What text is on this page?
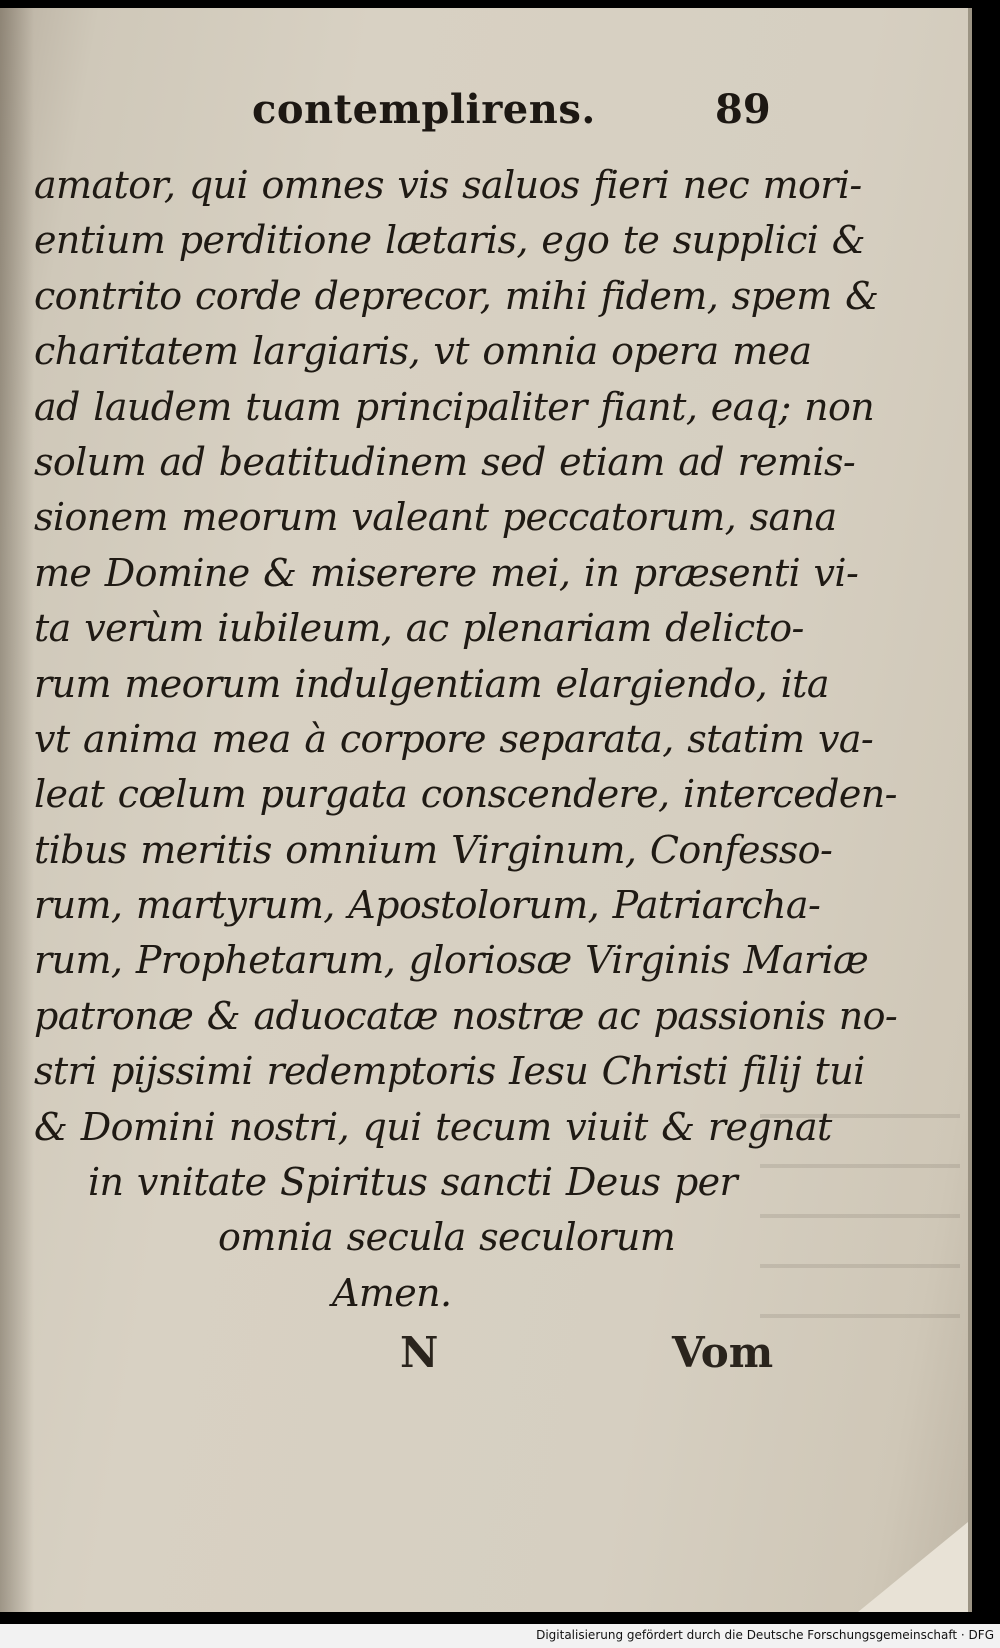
contemplirens.	89
amator, qui omnes vis saluos fieri nec mori-
entium perditione lætaris, ego te supplici &
contrito corde deprecor, mihi fidem, spem &
charitatem largiaris, vt omnia opera mea
ad laudem tuam principaliter fiant, eaq; non
solum ad beatitudinem sed etiam ad remis-
sionem meorum valeant peccatorum, sana
me Domine & miserere mei, in præsenti vi-
ta verùm iubileum, ac plenariam delicto-
rum meorum indulgentiam elargiendo, ita
vt anima mea à corpore separata, statim va-
leat cœlum purgata conscendere, interceden-
tibus meritis omnium Virginum, Confesso-
rum, martyrum, Apostolorum, Patriarcha-
rum, Prophetarum, gloriosæ Virginis Mariæ
patronæ & aduocatæ nostræ ac passionis no-
stri pijssimi redemptoris Iesu Christi filij tui
& Domini nostri, qui tecum viuit & regnat
in vnitate Spiritus sancti Deus per
omnia secula seculorum
Amen.
N	Vom
Digitalisierung gefördert durch die Deutsche Forschungsgemeinschaft · DFG
